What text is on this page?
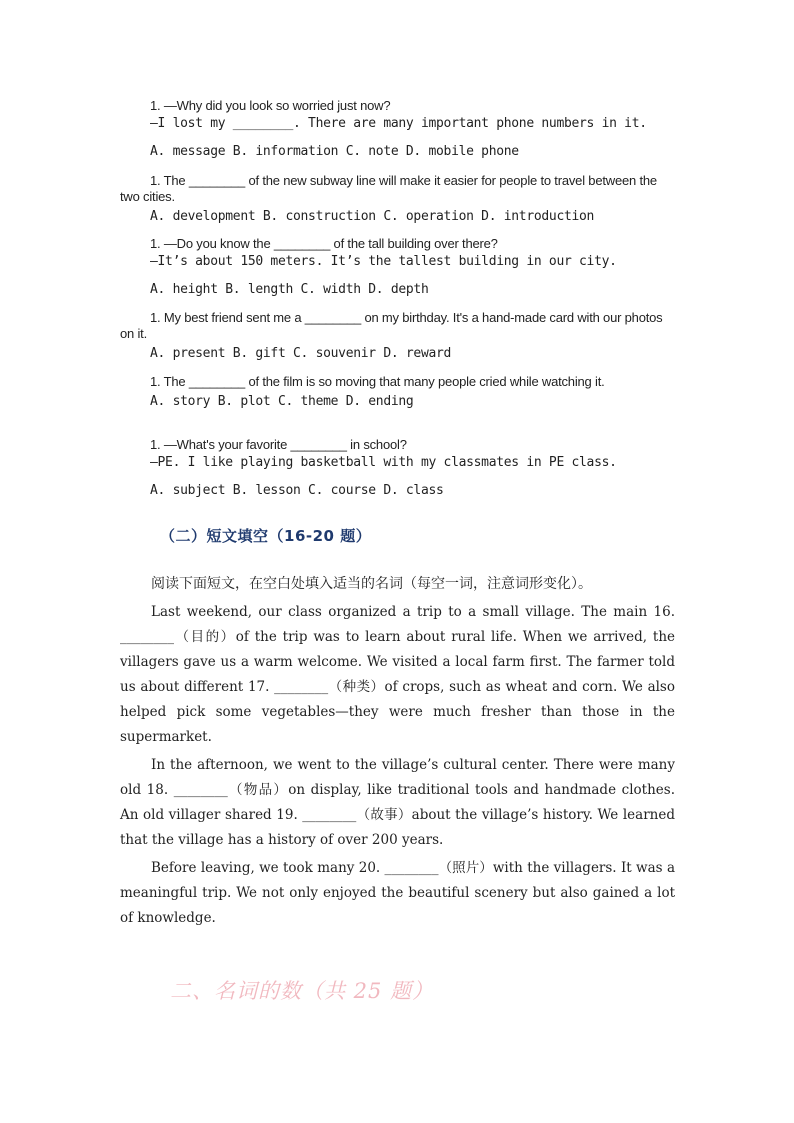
1. —Why did you look so worried just now?
—I lost my ________. There are many important phone numbers in it.
A. message B. information C. note D. mobile phone
1. The ________ of the new subway line will make it easier for people to travel between the two cities.
A. development B. construction C. operation D. introduction
1. —Do you know the ________ of the tall building over there?
—It’s about 150 meters. It’s the tallest building in our city.
A. height B. length C. width D. depth
1. My best friend sent me a ________ on my birthday. It's a hand-made card with our photos on it.
A. present B. gift C. souvenir D. reward
1. The ________ of the film is so moving that many people cried while watching it.
A. story B. plot C. theme D. ending
1. —What's your favorite ________ in school?
—PE. I like playing basketball with my classmates in PE class.
A. subject B. lesson C. course D. class
（二）短文填空（16-20 题）

阅读下面短文，在空白处填入适当的名词（每空一词，注意词形变化）。

Last weekend, our class organized a trip to a small village. The main 16. ________（目的）of the trip was to learn about rural life. When we arrived, the villagers gave us a warm welcome. We visited a local farm first. The farmer told us about different 17. ________（种类）of crops, such as wheat and corn. We also helped pick some vegetables—they were much fresher than those in the supermarket.

In the afternoon, we went to the village’s cultural center. There were many old 18. ________（物品）on display, like traditional tools and handmade clothes. An old villager shared 19. ________（故事）about the village’s history. We learned that the village has a history of over 200 years.

Before leaving, we took many 20. ________（照片）with the villagers. It was a meaningful trip. We not only enjoyed the beautiful scenery but also gained a lot of knowledge.

二、名词的数（共 25 题）
